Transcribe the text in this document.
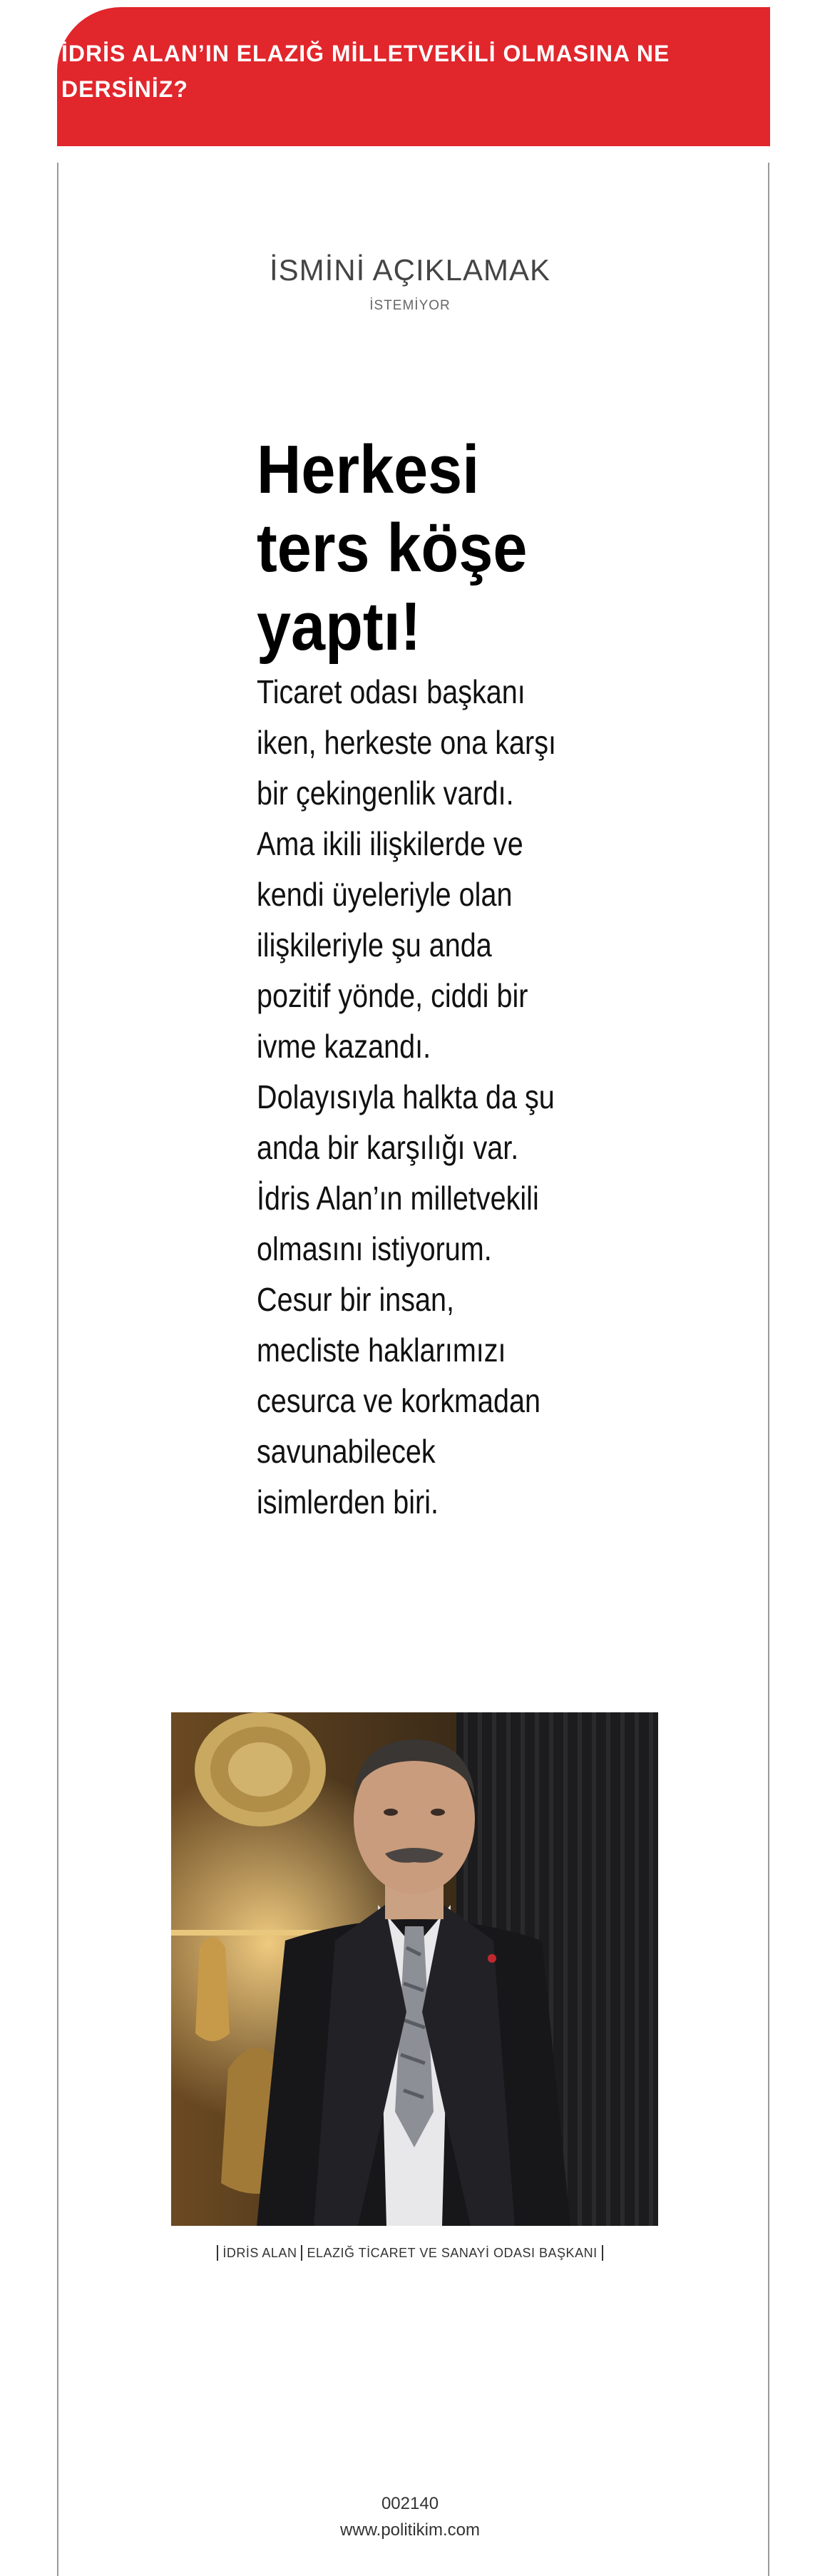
İDRİS ALAN’IN ELAZIĞ MİLLETVEKİLİ OLMASINA NE DERSİNİZ?
İSMİNİ AÇIKLAMAK
İSTEMİYOR
Herkesi ters köşe yaptı!
Ticaret odası başkanı iken, herkeste ona karşı bir çekingenlik vardı. Ama ikili ilişkilerde ve kendi üyeleriyle olan ilişkileriyle şu anda pozitif yönde, ciddi bir ivme kazandı. Dolayısıyla halkta da şu anda bir karşılığı var. İdris Alan’ın milletvekili olmasını istiyorum. Cesur bir insan, mecliste haklarımızı cesurca ve korkmadan savunabilecek isimlerden biri.
İDRİS ALAN ELAZIĞ TİCARET VE SANAYİ ODASI BAŞKANI
002140
www.politikim.com
